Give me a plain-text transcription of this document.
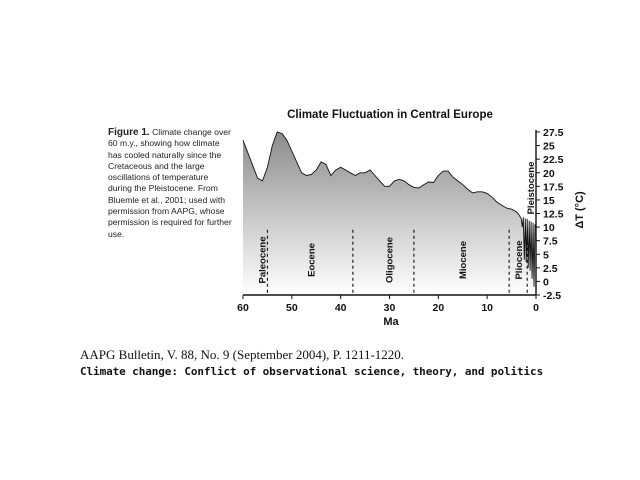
Figure 1. Climate change over 60 m.y., showing how climate has cooled naturally since the Cretaceous and the large oscillations of temperature during the Pleistocene. From Bluemle et al., 2001; used with permission from AAPG, whose permission is required for further use.
Climate Fluctuation in Central Europe
60	50	40	30	20	10	0
27.5
25
22.5
20
17.5
15
12.5
10
7.5
5
2.5
0
-2.5
Paleocene	Eocene	Oligocene	Miocene	Pliocene
Pleistocene
Ma
ΔT (°C)
AAPG Bulletin, V. 88, No. 9 (September 2004), P. 1211-1220.
Climate change: Conflict of observational science, theory, and politics
